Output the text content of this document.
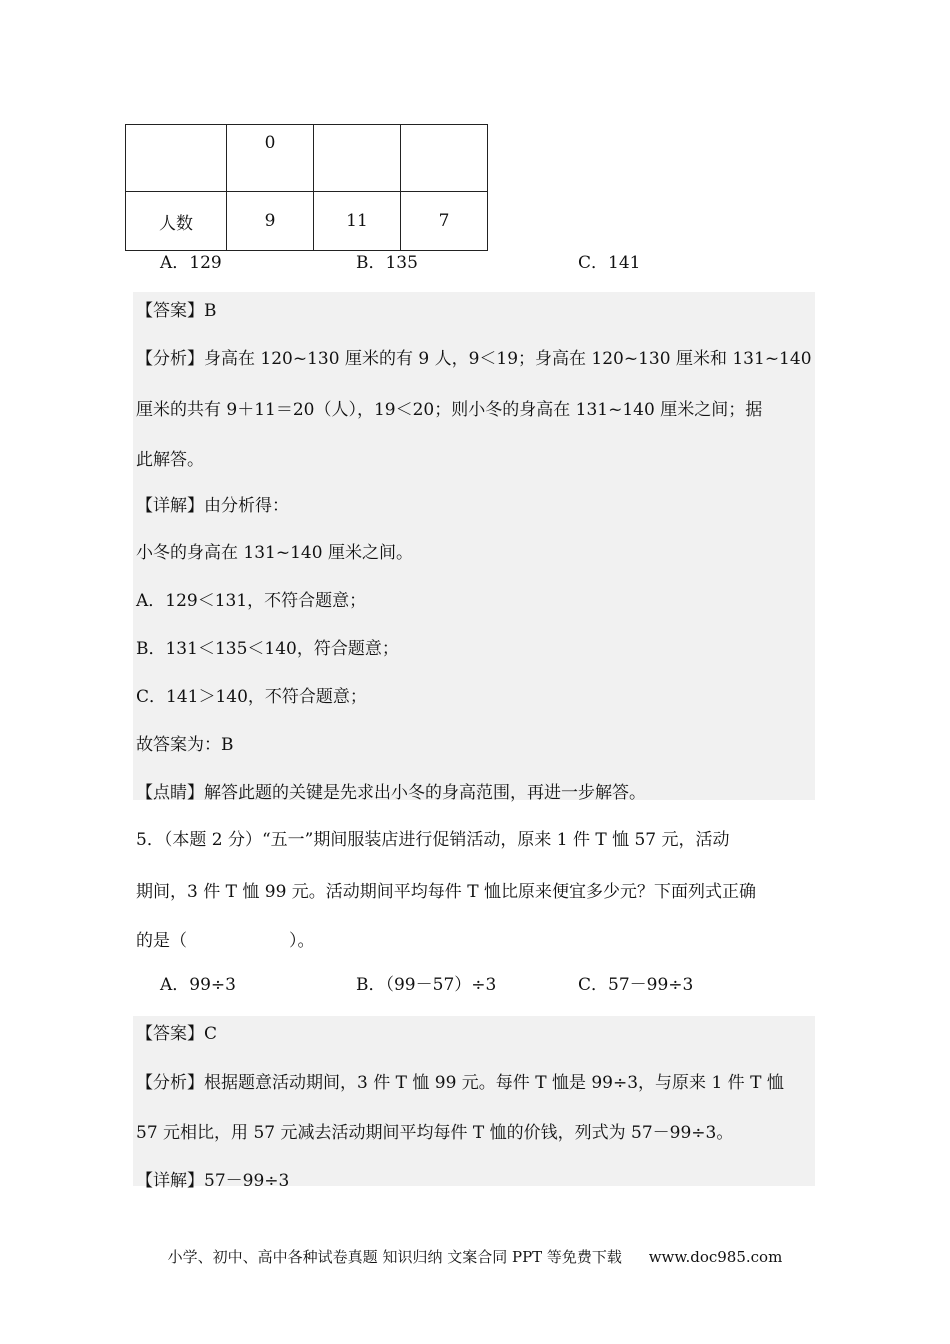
	0		
人数	9	11	7
A．129	B．135	C．141
【答案】B
【分析】身高在 120~130 厘米的有 9 人，9＜19；身高在 120~130 厘米和 131~140
厘米的共有 9＋11＝20（人），19＜20；则小冬的身高在 131~140 厘米之间；据
此解答。
【详解】由分析得：
小冬的身高在 131~140 厘米之间。
A．129＜131，不符合题意；
B．131＜135＜140，符合题意；
C．141＞140，不符合题意；
故答案为：B
【点睛】解答此题的关键是先求出小冬的身高范围，再进一步解答。
5．（本题 2 分）“五一”期间服装店进行促销活动，原来 1 件 T 恤 57 元，活动
期间，3 件 T 恤 99 元。活动期间平均每件 T 恤比原来便宜多少元？下面列式正确
的是（　　　　　　）。
A．99÷3	B．（99－57）÷3	C．57－99÷3
【答案】C
【分析】根据题意活动期间，3 件 T 恤 99 元。每件 T 恤是 99÷3，与原来 1 件 T 恤
57 元相比，用 57 元减去活动期间平均每件 T 恤的价钱，列式为 57－99÷3。
【详解】57－99÷3
小学、初中、高中各种试卷真题 知识归纳 文案合同 PPT 等免费下载 www.doc985.com
